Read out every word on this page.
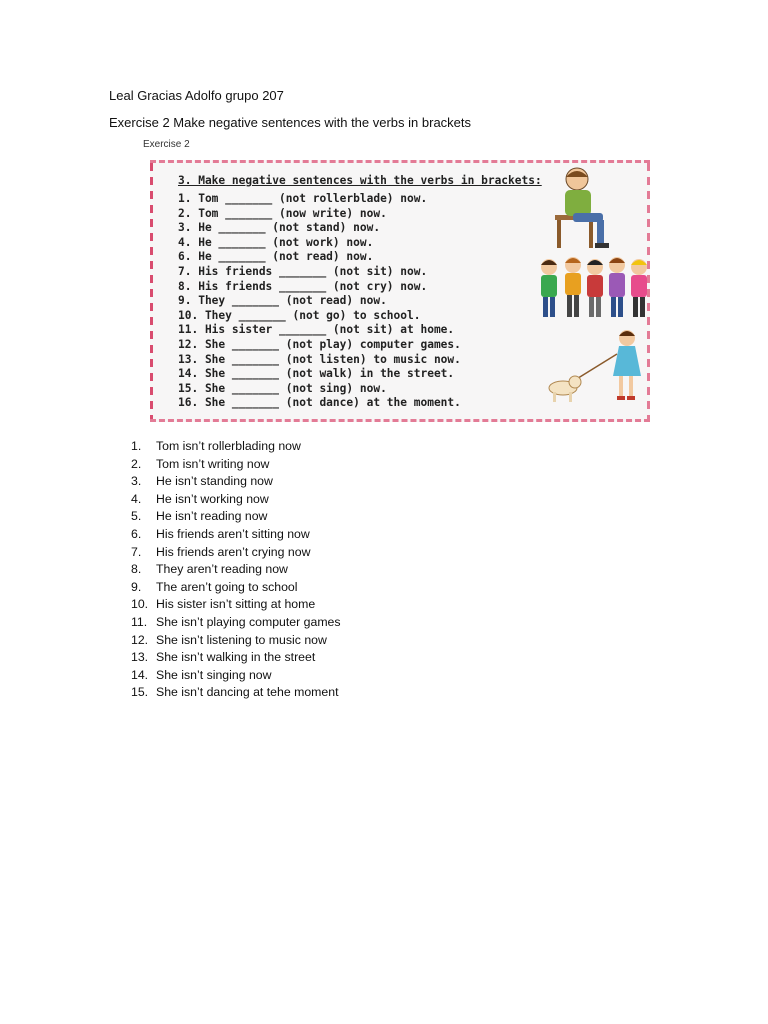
Leal Gracias Adolfo grupo 207
Exercise 2 Make negative sentences with the verbs in brackets
Exercise 2
3. Make negative sentences with the verbs in brackets:
1. Tom _______ (not rollerblade) now.
2. Tom _______ (now write) now.
3. He _______ (not stand) now.
4. He _______ (not work) now.
6. He _______ (not read) now.
7. His friends _______ (not sit) now.
8. His friends _______ (not cry) now.
9. They _______ (not read) now.
10. They _______ (not go) to school.
11. His sister _______ (not sit) at home.
12. She _______ (not play) computer games.
13. She _______ (not listen) to music now.
14. She _______ (not walk) in the street.
15. She _______ (not sing) now.
16. She _______ (not dance) at the moment.
1. Tom isn’t rollerblading now
2. Tom isn’t writing now
3. He isn’t standing now
4. He isn’t working now
5. He isn’t reading now
6. His friends aren’t sitting now
7. His friends aren’t crying now
8. They aren’t reading now
9. The aren’t going to school
10. His sister isn’t sitting at home
11. She isn’t playing computer games
12. She isn’t listening to music now
13. She isn’t walking in the street
14. She isn’t singing now
15. She isn’t dancing at tehe moment
